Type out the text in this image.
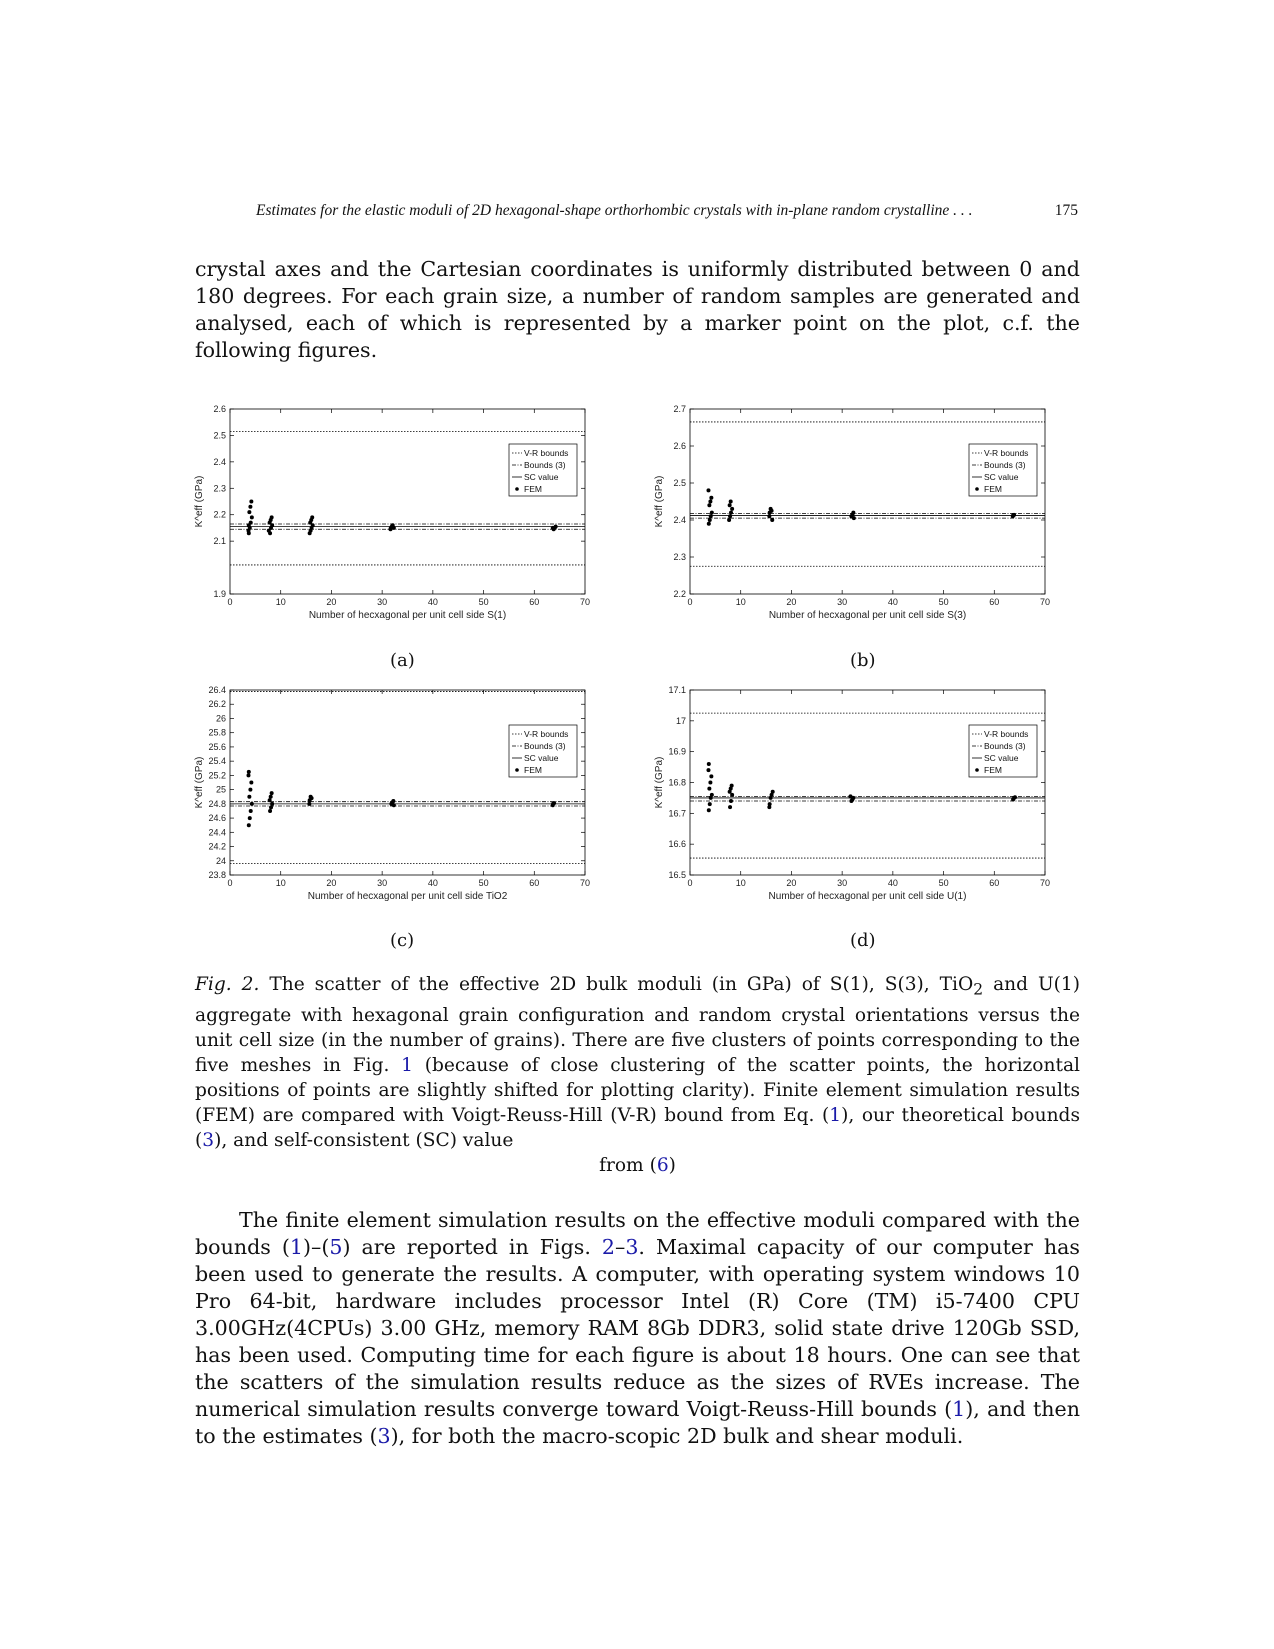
Estimates for the elastic moduli of 2D hexagonal-shape orthorhombic crystals with in-plane random crystalline . . .	175
crystal axes and the Cartesian coordinates is uniformly distributed between 0 and 180 degrees. For each grain size, a number of random samples are generated and analysed, each of which is represented by a marker point on the plot, c.f. the following figures.
0	10	20	30	40	50	60	70
1.9
2.1
2.2
2.3
2.4
2.5
2.6
Number of hecxagonal per unit cell side S(1)
K^eff (GPa)
V-R bounds
Bounds (3)
SC value
FEM
(a)
0	10	20	30	40	50	60	70
2.2
2.3
2.4
2.5
2.6
2.7
Number of hecxagonal per unit cell side S(3)
K^eff (GPa)
V-R bounds
Bounds (3)
SC value
FEM
(b)
0	10	20	30	40	50	60	70
23.8
24
24.2
24.4
24.6
24.8
25
25.2
25.4
25.6
25.8
26
26.2
26.4
Number of hecxagonal per unit cell side TiO2
K^eff (GPa)
V-R bounds
Bounds (3)
SC value
FEM
(c)
0	10	20	30	40	50	60	70
16.5
16.6
16.7
16.8
16.9
17
17.1
Number of hecxagonal per unit cell side U(1)
K^eff (GPa)
V-R bounds
Bounds (3)
SC value
FEM
(d)
Fig. 2. The scatter of the effective 2D bulk moduli (in GPa) of S(1), S(3), TiO$_2$ and U(1) aggregate with hexagonal grain configuration and random crystal orientations versus the unit cell size (in the number of grains). There are five clusters of points corresponding to the five meshes in Fig. 1 (because of close clustering of the scatter points, the horizontal positions of points are slightly shifted for plotting clarity). Finite element simulation results (FEM) are compared with Voigt-Reuss-Hill (V-R) bound from Eq. (1), our theoretical bounds (3), and self-consistent (SC) value
from (6)
The finite element simulation results on the effective moduli compared with the bounds (1)–(5) are reported in Figs. 2–3. Maximal capacity of our computer has been used to generate the results. A computer, with operating system windows 10 Pro 64-bit, hardware includes processor Intel (R) Core (TM) i5-7400 CPU 3.00GHz(4CPUs) 3.00 GHz, memory RAM 8Gb DDR3, solid state drive 120Gb SSD, has been used. Computing time for each figure is about 18 hours. One can see that the scatters of the simulation results reduce as the sizes of RVEs increase. The numerical simulation results converge toward Voigt-Reuss-Hill bounds (1), and then to the estimates (3), for both the macro-scopic 2D bulk and shear moduli.
